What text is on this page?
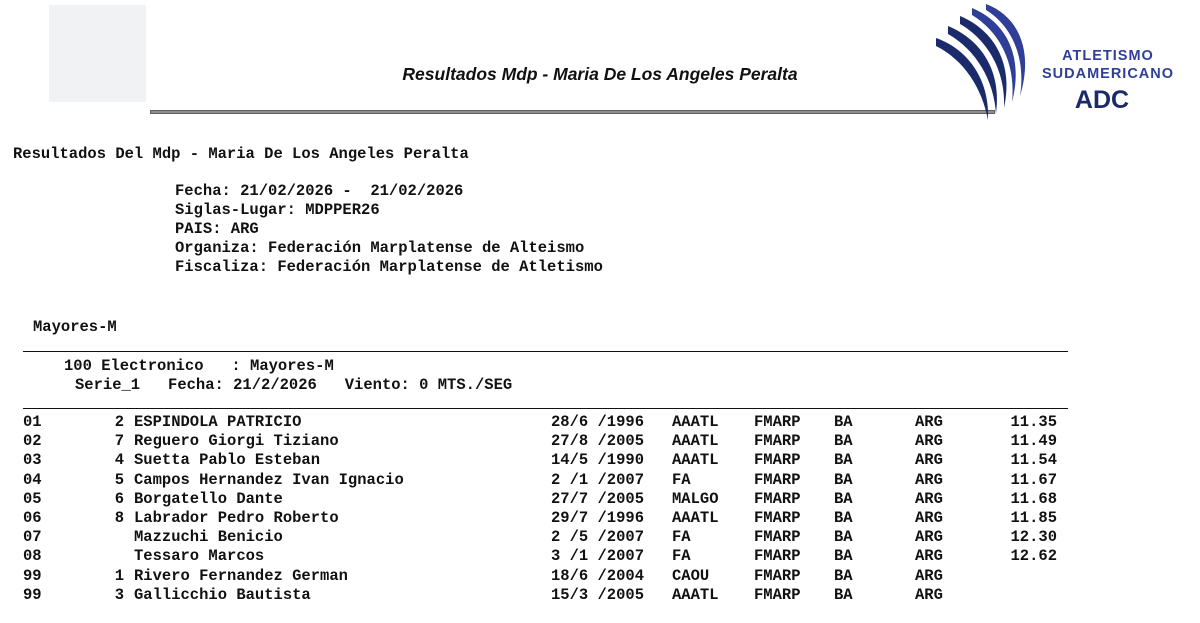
Resultados Mdp - Maria De Los Angeles Peralta
ATLETISMO
SUDAMERICANO
ADC
Resultados Del Mdp - Maria De Los Angeles Peralta
Fecha: 21/02/2026 -  21/02/2026
Siglas-Lugar: MDPPER26
PAIS: ARG
Organiza: Federación Marplatense de Alteismo
Fiscaliza: Federación Marplatense de Atletismo
Mayores-M
100 Electronico   : Mayores-M
Serie_1   Fecha: 21/2/2026   Viento: 0 MTS./SEG
01	2 ESPINDOLA PATRICIO	28/6 /1996	AAATL	FMARP	BA	ARG	11.35
02	7 Reguero Giorgi Tiziano	27/8 /2005	AAATL	FMARP	BA	ARG	11.49
03	4 Suetta Pablo Esteban	14/5 /1990	AAATL	FMARP	BA	ARG	11.54
04	5 Campos Hernandez Ivan Ignacio	2 /1 /2007	FA	FMARP	BA	ARG	11.67
05	6 Borgatello Dante	27/7 /2005	MALGO	FMARP	BA	ARG	11.68
06	8 Labrador Pedro Roberto	29/7 /1996	AAATL	FMARP	BA	ARG	11.85
07	Mazzuchi Benicio	2 /5 /2007	FA	FMARP	BA	ARG	12.30
08	Tessaro Marcos	3 /1 /2007	FA	FMARP	BA	ARG	12.62
99	1 Rivero Fernandez German	18/6 /2004	CAOU	FMARP	BA	ARG
99	3 Gallicchio Bautista	15/3 /2005	AAATL	FMARP	BA	ARG
